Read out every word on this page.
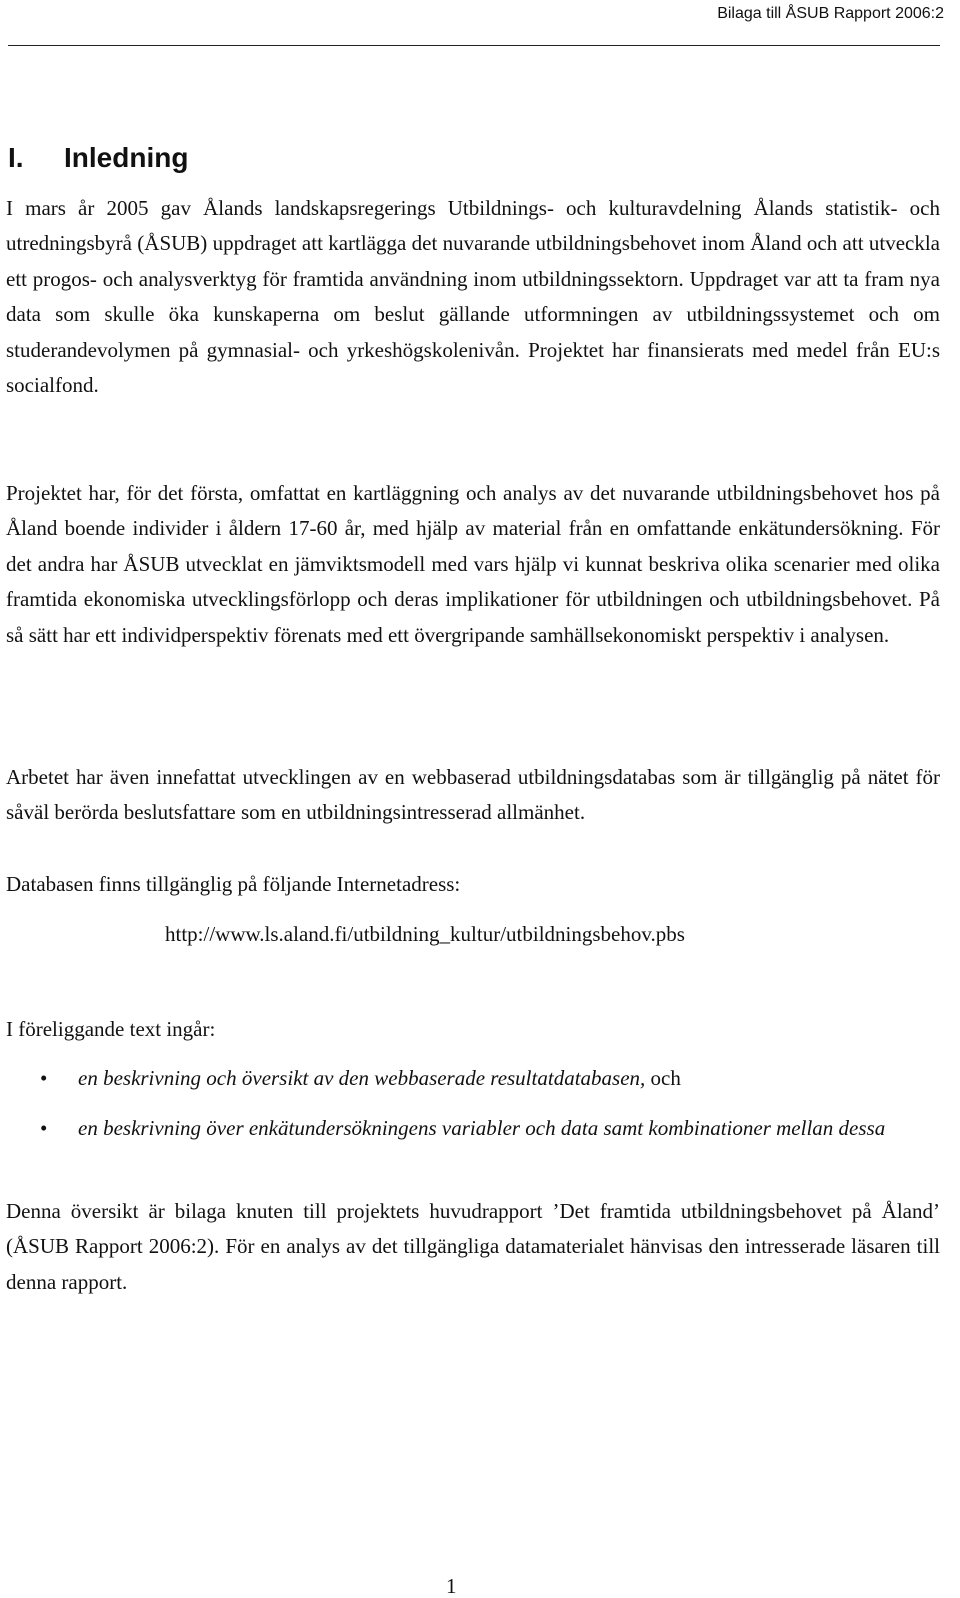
Bilaga till ÅSUB Rapport 2006:2

I. Inledning

I mars år 2005 gav Ålands landskapsregerings Utbildnings- och kulturavdelning Ålands statistik- och utredningsbyrå (ÅSUB) uppdraget att kartlägga det nuvarande utbildningsbehovet inom Åland och att utveckla ett progos- och analysverktyg för framtida användning inom utbildningssektorn. Uppdraget var att ta fram nya data som skulle öka kunskaperna om beslut gällande utformningen av utbildningssystemet och om studerandevolymen på gymnasial- och yrkeshögskolenivån. Projektet har finansierats med medel från EU:s socialfond.

Projektet har, för det första, omfattat en kartläggning och analys av det nuvarande utbildningsbehovet hos på Åland boende individer i åldern 17-60 år, med hjälp av material från en omfattande enkätundersökning. För det andra har ÅSUB utvecklat en jämviktsmodell med vars hjälp vi kunnat beskriva olika scenarier med olika framtida ekonomiska utvecklingsförlopp och deras implikationer för utbildningen och utbildningsbehovet. På så sätt har ett individperspektiv förenats med ett övergripande samhällsekonomiskt perspektiv i analysen.

Arbetet har även innefattat utvecklingen av en webbaserad utbildningsdatabas som är tillgänglig på nätet för såväl berörda beslutsfattare som en utbildningsintresserad allmänhet.

Databasen finns tillgänglig på följande Internetadress:

http://www.ls.aland.fi/utbildning_kultur/utbildningsbehov.pbs

I föreliggande text ingår:

• en beskrivning och översikt av den webbaserade resultatdatabasen, och
• en beskrivning över enkätundersökningens variabler och data samt kombinationer mellan dessa

Denna översikt är bilaga knuten till projektets huvudrapport ’Det framtida utbildningsbehovet på Åland’ (ÅSUB Rapport 2006:2). För en analys av det tillgängliga datamaterialet hänvisas den intresserade läsaren till denna rapport.

1
